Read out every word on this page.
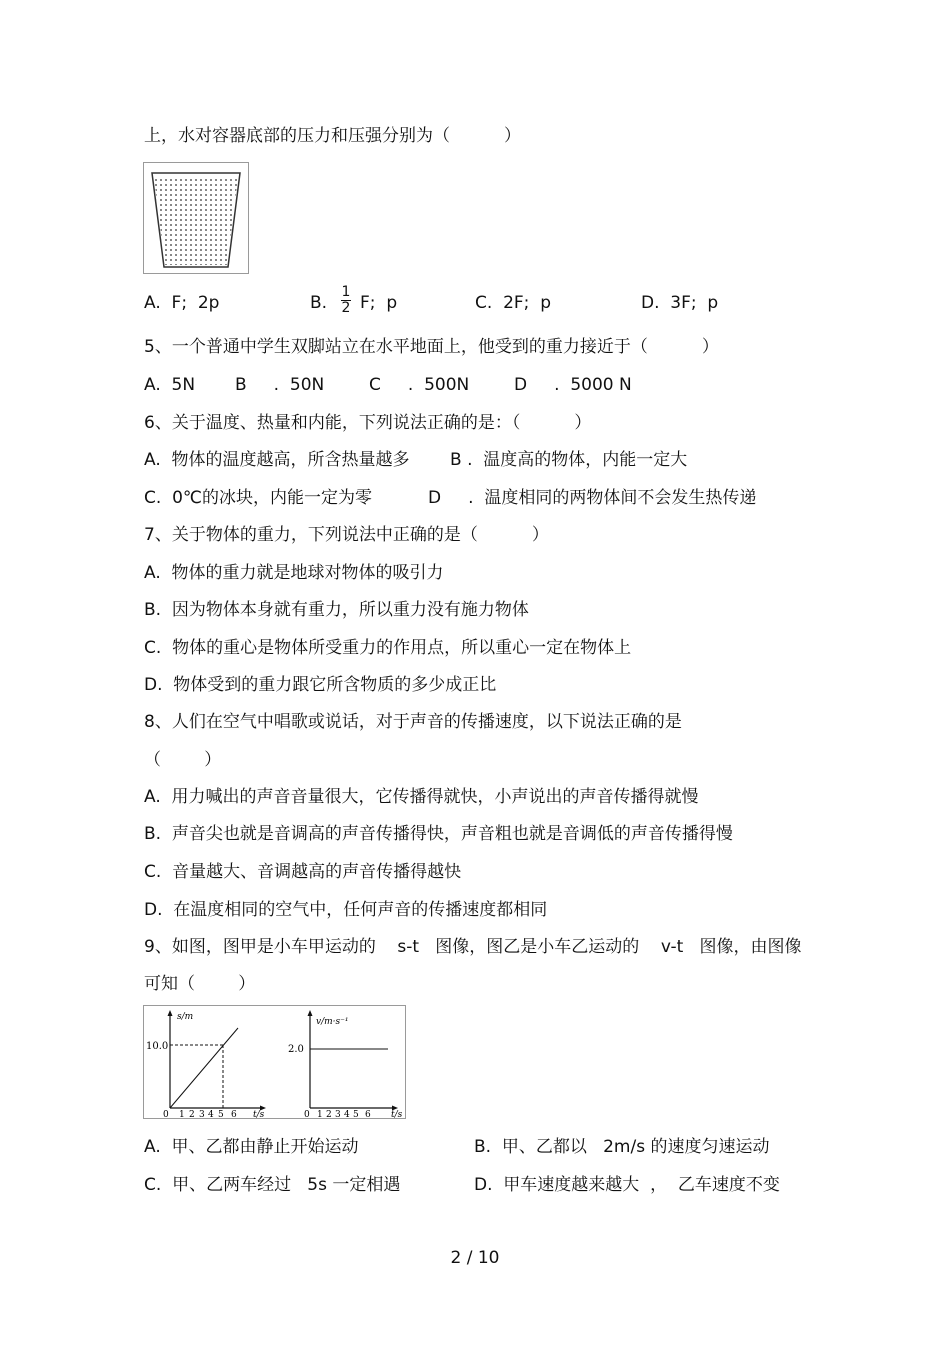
上，水对容器底部的压力和压强分别为（          ）
A.  F;  2p	B.
1
2 F;  p	C.  2F;  p	D.  3F;  p
5、一个普通中学生双脚站立在水平地面上，他受到的重力接近于（          ）
A.  5N B     .  50N	C     .  500N	D     .  5000 N
6、关于温度、热量和内能，下列说法正确的是：（          ）
A.  物体的温度越高，所含热量越多 B .  温度高的物体，内能一定大
C.  0℃的冰块，内能一定为零	D     .  温度相同的两物体间不会发生热传递
7、关于物体的重力，下列说法中正确的是（          ）
A.  物体的重力就是地球对物体的吸引力
B.  因为物体本身就有重力，所以重力没有施力物体
C.  物体的重心是物体所受重力的作用点，所以重心一定在物体上
D.  物体受到的重力跟它所含物质的多少成正比
8、人们在空气中唱歌或说话，对于声音的传播速度，以下说法正确的是
（        ）
A.  用力喊出的声音音量很大，它传播得就快，小声说出的声音传播得就慢
B.  声音尖也就是音调高的声音传播得快，声音粗也就是音调低的声音传播得慢
C.  音量越大、音调越高的声音传播得越快
D.  在温度相同的空气中，任何声音的传播速度都相同
9、如图，图甲是小车甲运动的    s-t   图像，图乙是小车乙运动的    v-t   图像，由图像
可知（        ）
s/m
10.0
t/s
0 1 2 3 4 5 6
v/m·s⁻¹
2.0
t/s
0 1 2 3 4 5 6
A.  甲、乙都由静止开始运动	B.  甲、乙都以   2m/s 的速度匀速运动
C.  甲、乙两车经过   5s 一定相遇	D.  甲车速度越来越大  ，  乙车速度不变
2 / 10
